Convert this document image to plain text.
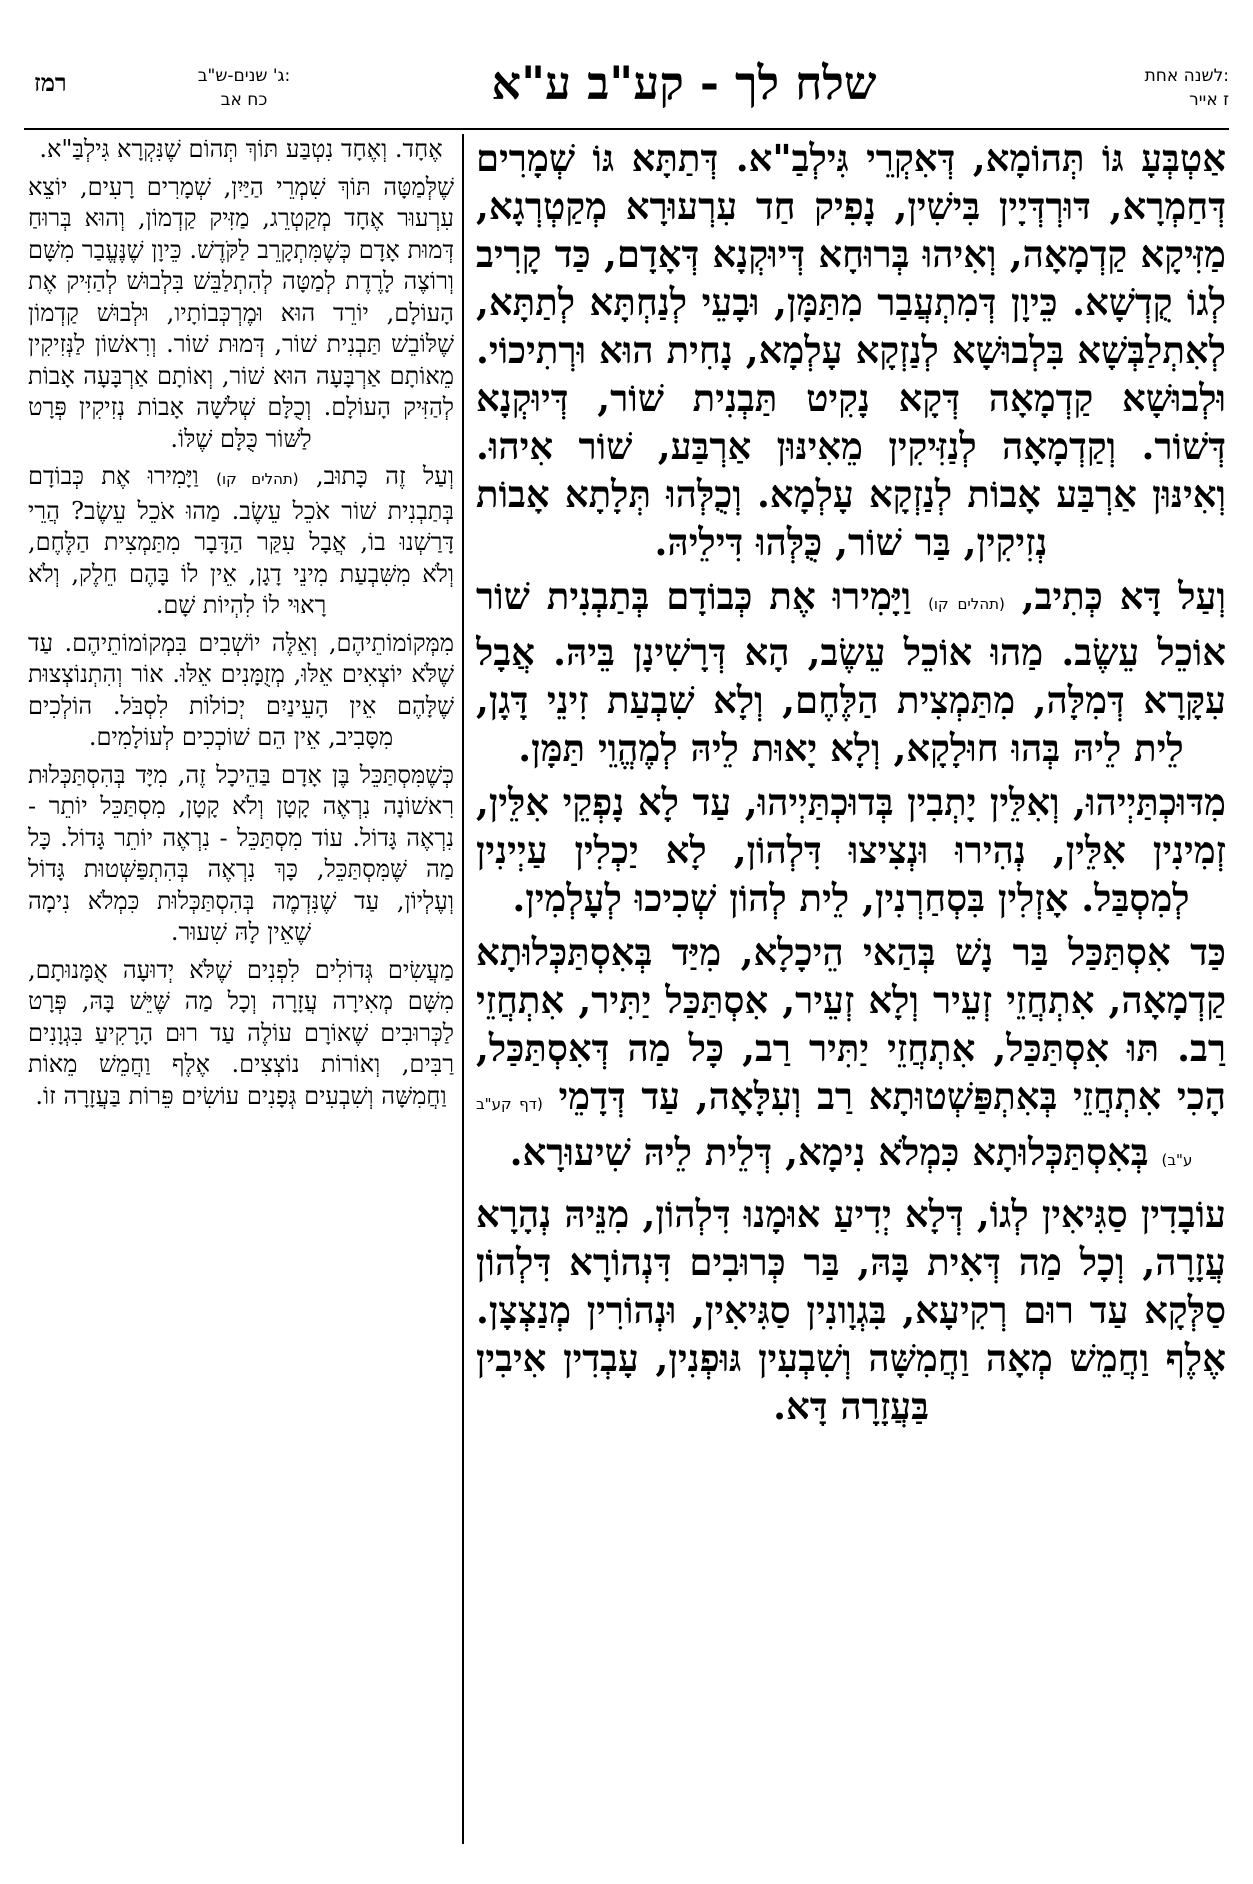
רמז	ג' שנים-ש"ב:
כח אב	שלח לך - קע"ב ע"א	לשנה אחת:
ז אייר

אַטְבְּעָ גּוֹ תְּהוֹמָא, דְּאִקְרֵי גִּילְבַ"א. דְּתַתָּא גּוֹ שְׁמָרִים דְּחַמְרָא, דּוּרְדְּיָין בִּישִׁין, נָפִיק חַד עִרְעוּרָא מְקַטְרְגָא, מַזִּיקָא קַדְמָאָה, וְאִיהוּ בְּרוּחָא דְּיוּקְנָא דְּאָדָם, כַּד קָרִיב לְגוֹ קֻדְשָׁא. כֵּיוָן דְּמִתְעֲבַר מִתַּמָּן, וּבָעֵי לְנַחְתָּא לְתַתָּא, לְאִתְלַבְּשָׁא בִּלְבוּשָׁא לְנַזְקָא עָלְמָא, נָחִית הוּא וּרְתִיכוֹי. וּלְבוּשָׁא קַדְמָאָה דְּקָא נָקִיט תַּבְנִית שׁוֹר, דְּיוּקְנָא דְּשׁוֹר. וְקַדְמָאָה לְנַזִּיקִין מֵאִינּוּן אַרְבַּע, שׁוֹר אִיהוּ. וְאִינּוּן אַרְבַּע אָבוֹת לְנַזְקָא עָלְמָא. וְכֻלְּהוּ תְּלָתָא אָבוֹת נְזִיקִין, בַּר שׁוֹר, כֻּלְּהוּ דִּילֵיהּ.

וְעַל דָּא כְּתִיב, (תהלים קו) וַיָּמִירוּ אֶת כְּבוֹדָם בְּתַבְנִית שׁוֹר אוֹכֵל עֵשֶׂב. מַהוּ אוֹכֵל עֵשֶׂב, הָא דְּרָשִׁינָן בֵּיהּ. אֲבָל עִקָּרָא דְּמִלָּה, מִתַּמְצִית הַלֶּחֶם, וְלָא שִׁבְעַת זִינֵי דָּגָן, לֵית לֵיהּ בְּהוּ חוּלָקָא, וְלָא יָאוּת לֵיהּ לְמֶהֱוֵי תַּמָּן.

מִדּוּכְתַּיְיהוּ, וְאִלֵּין יָתְבִין בְּדוּכְתַּיְיהוּ, עַד לָא נָפְקֵי אִלֵּין, זְמִינִין אִלֵּין, נְהִירוּ וּנְצִיצוּ דִּלְהוֹן, לָא יַכְלִין עַיְינִין לְמִסְבַּל. אָזְלִין בִּסְחַרְנִין, לֵית לְהוֹן שְׁכִיכוּ לְעָלְמִין.

כַּד אִסְתַּכַּל בַּר נָשׁ בְּהַאי הֵיכָלָא, מִיַּד בְּאִסְתַּכְּלוּתָא קַדְמָאָה, אִתְחֲזֵי זְעֵיר וְלָא זְעֵיר, אִסְתַּכַּל יַתִּיר, אִתְחֲזֵי רַב. תּוּ אִסְתַּכַּל, אִתְחֲזֵי יַתִּיר רַב, כָּל מַה דְּאִסְתַּכַּל, הָכִי אִתְחֲזֵי בְּאִתְפַּשְׁטוּתָא רַב וְעִלָּאָה, עַד דְּדָמֵי (דף קע"ב ע"ב) בְּאִסְתַּכְּלוּתָא כִּמְלֹא נִימָא, דְּלֵית לֵיהּ שִׁיעוּרָא.

עוֹבָדִין סַגִּיאִין לְגוֹ, דְּלָא יְדִיעַ אוּמָנוּ דִּלְהוֹן, מִנֵּיהּ נְהָרָא עֲזָרָה, וְכָל מַה דְּאִית בָּהּ, בַּר כְּרוּבִים דִּנְהוֹרָא דִּלְהוֹן סַלְּקָא עַד רוּם רְקִיעָא, בִּגְוָונִין סַגִּיאִין, וּנְהוֹרִין מְנַצְצָן. אֶלֶף וַחֲמֵשׁ מְאָה וַחֲמִשָּׁה וְשִׁבְעִין גּוּפְנִין, עָבְדִין אִיבִין בַּעֲזָרָה דָּא.

אֶחָד. וְאֶחָד נִטְבַּע תּוֹךְ תְּהוֹם שֶׁנִּקְרָא גִּילְבַּ"א.

שֶׁלְּמַטָּה תּוֹךְ שִׁמְרֵי הַיַּיִן, שְׁמָרִים רָעִים, יוֹצֵא עִרְעוּר אֶחָד מְקַטְרֵג, מַזִּיק קַדְמוֹן, וְהוּא בְּרוּחַ דְּמוּת אָדָם כְּשֶׁמִּתְקָרֵב לַקֹּדֶשׁ. כֵּיוָן שֶׁנֶּעֱבַר מִשָּׁם וְרוֹצֶה לָרֶדֶת לְמַטָּה לְהִתְלַבֵּשׁ בִּלְבוּשׁ לְהַזִּיק אֶת הָעוֹלָם, יוֹרֵד הוּא וּמֶרְכְּבוֹתָיו, וּלְבוּשׁ קַדְמוֹן שֶׁלּוֹבֵשׁ תַּבְנִית שׁוֹר, דְּמוּת שׁוֹר. וְרִאשׁוֹן לַנְּזִיקִין מֵאוֹתָם אַרְבָּעָה הוּא שׁוֹר, וְאוֹתָם אַרְבָּעָה אָבוֹת לְהַזִּיק הָעוֹלָם. וְכֻלָּם שְׁלֹשָׁה אָבוֹת נְזִיקִין פְּרָט לַשּׁוֹר כֻּלָּם שֶׁלּוֹ.

וְעַל זֶה כָּתוּב, (תהלים קו) וַיָּמִירוּ אֶת כְּבוֹדָם בְּתַבְנִית שׁוֹר אֹכֵל עֵשֶׂב. מַהוּ אֹכֵל עֵשֶׂב? הֲרֵי דָּרַשְׁנוּ בוֹ, אֲבָל עִקַּר הַדָּבָר מִתַּמְצִית הַלֶּחֶם, וְלֹא מִשִּׁבְעַת מִינֵי דָגָן, אֵין לוֹ בָּהֶם חֵלֶק, וְלֹא רָאוּי לוֹ לִהְיוֹת שָׁם.

מִמְּקוֹמוֹתֵיהֶם, וְאֵלֶּה יוֹשְׁבִים בִּמְקוֹמוֹתֵיהֶם. עַד שֶׁלֹּא יוֹצְאִים אֵלּוּ, מְזֻמָּנִים אֵלּוּ. אוֹר וְהִתְנוֹצְצוּת שֶׁלָּהֶם אֵין הָעֵינַיִם יְכוֹלוֹת לִסְבֹּל. הוֹלְכִים מִסָּבִיב, אֵין הֵם שׁוֹכְכִים לְעוֹלָמִים.

כְּשֶׁמִּסְתַּכֵּל בֶּן אָדָם בַּהֵיכָל זֶה, מִיָּד בְּהִסְתַּכְּלוּת רִאשׁוֹנָה נִרְאֶה קָטָן וְלֹא קָטָן, מִסְתַּכֵּל יוֹתֵר - נִרְאֶה גָּדוֹל. עוֹד מִסְתַּכֵּל - נִרְאֶה יוֹתֵר גָּדוֹל. כָּל מַה שֶּׁמִּסְתַּכֵּל, כָּךְ נִרְאֶה בְּהִתְפַּשְּׁטוּת גָּדוֹל וְעֶלְיוֹן, עַד שֶׁנִּדְמֶה בְּהִסְתַּכְּלוּת כִּמְלֹא נִימָה שֶׁאֵין לָהּ שִׁעוּר.

מַעֲשִׂים גְּדוֹלִים לִפְנִים שֶׁלֹּא יְדוּעָה אֻמָּנוּתָם, מִשָּׁם מְאִירָה עֲזָרָה וְכָל מַה שֶּׁיֵּשׁ בָּהּ, פְּרָט לַכְּרוּבִים שֶׁאוֹרָם עוֹלֶה עַד רוּם הָרָקִיעַ בִּגְוָנִים רַבִּים, וְאוֹרוֹת נוֹצְצִים. אֶלֶף וַחֲמֵשׁ מֵאוֹת וַחֲמִשָּׁה וְשִׁבְעִים גְּפָנִים עוֹשִׂים פֵּרוֹת בַּעֲזָרָה זוֹ.
